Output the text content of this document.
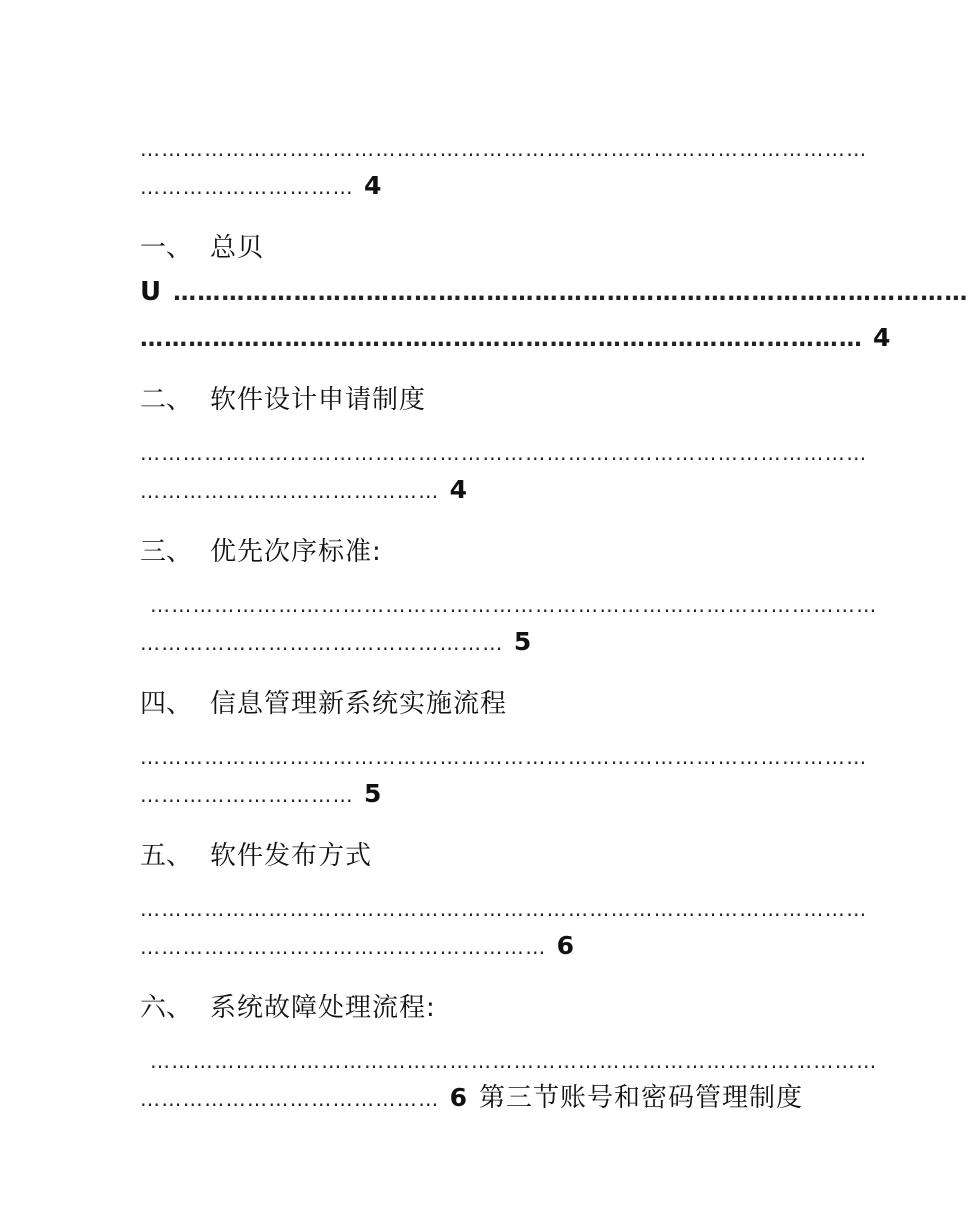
…………………………………………………………………………………………
………………………… 4
一、 总贝
U ………………………………………………………………………………………
……………………………………………………………………………… 4
二、 软件设计申请制度
…………………………………………………………………………………………
…………………………………… 4
三、 优先次序标准:
…………………………………………………………………………………………
…………………………………………… 5
四、 信息管理新系统实施流程
…………………………………………………………………………………………
………………………… 5
五、 软件发布方式
…………………………………………………………………………………………
………………………………………………… 6
六、 系统故障处理流程:
…………………………………………………………………………………………
…………………………………… 6 第三节账号和密码管理制度
